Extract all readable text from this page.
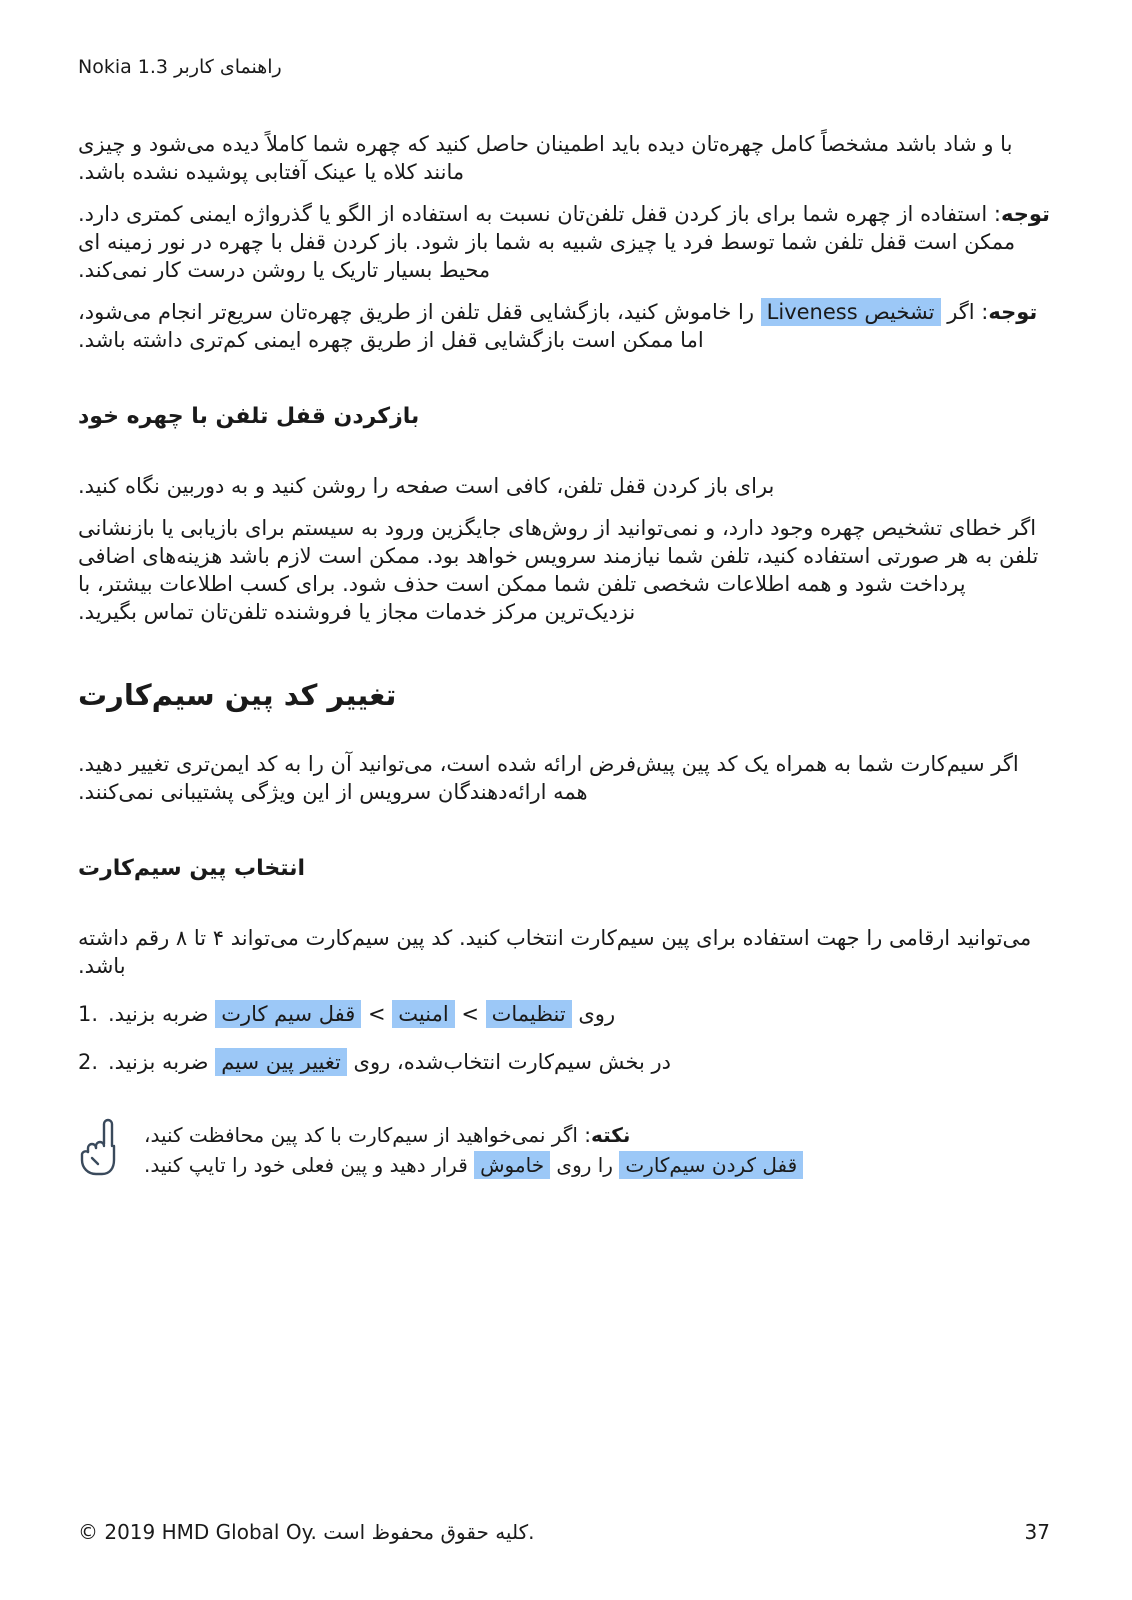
Nokia 1.3 راهنمای کاربر

با و شاد باشد مشخصاً کامل چهره‌تان دیده باید اطمینان حاصل کنید که چهره شما کاملاً دیده می‌شود و چیزی مانند کلاه یا عینک آفتابی پوشیده نشده باشد.

توجه: استفاده از چهره شما برای باز کردن قفل تلفن‌تان نسبت به استفاده از الگو یا گذرواژه ایمنی کمتری دارد. ممکن است قفل تلفن شما توسط فرد یا چیزی شبیه به شما باز شود. باز کردن قفل با چهره در نور زمینه ای محیط بسیار تاریک یا روشن درست کار نمی‌کند.

توجه: اگر تشخیص Liveness را خاموش کنید، بازگشایی قفل تلفن از طریق چهره‌تان سریع‌تر انجام می‌شود، اما ممکن است بازگشایی قفل از طریق چهره ایمنی کم‌تری داشته باشد.

بازکردن قفل تلفن با چهره خود

برای باز کردن قفل تلفن، کافی است صفحه را روشن کنید و به دوربین نگاه کنید.

اگر خطای تشخیص چهره وجود دارد، و نمی‌توانید از روش‌های جایگزین ورود به سیستم برای بازیابی یا بازنشانی تلفن به هر صورتی استفاده کنید، تلفن شما نیازمند سرویس خواهد بود. ممکن است لازم باشد هزینه‌های اضافی پرداخت شود و همه اطلاعات شخصی تلفن شما ممکن است حذف شود. برای کسب اطلاعات بیشتر، با نزدیک‌ترین مرکز خدمات مجاز یا فروشنده تلفن‌تان تماس بگیرید.

تغییر کد پین سیم‌کارت

اگر سیم‌کارت شما به همراه یک کد پین پیش‌فرض ارائه شده است، می‌توانید آن را به کد ایمن‌تری تغییر دهید. همه ارائه‌دهندگان سرویس از این ویژگی پشتیبانی نمی‌کنند.

انتخاب پین سیم‌کارت

می‌توانید ارقامی را جهت استفاده برای پین سیم‌کارت انتخاب کنید. کد پین سیم‌کارت می‌تواند ۴ تا ۸ رقم داشته باشد.

1.	روی تنظیمات > امنیت > قفل سیم کارت ضربه بزنید.
2.	در بخش سیم‌کارت انتخاب‌شده، روی تغییر پین سیم ضربه بزنید.
نکته: اگر نمی‌خواهید از سیم‌کارت با کد پین محافظت کنید،
قفل کردن سیم‌کارت را روی خاموش قرار دهید و پین فعلی خود را تایپ کنید.
© 2019 HMD Global Oy. کلیه حقوق محفوظ است.	37
